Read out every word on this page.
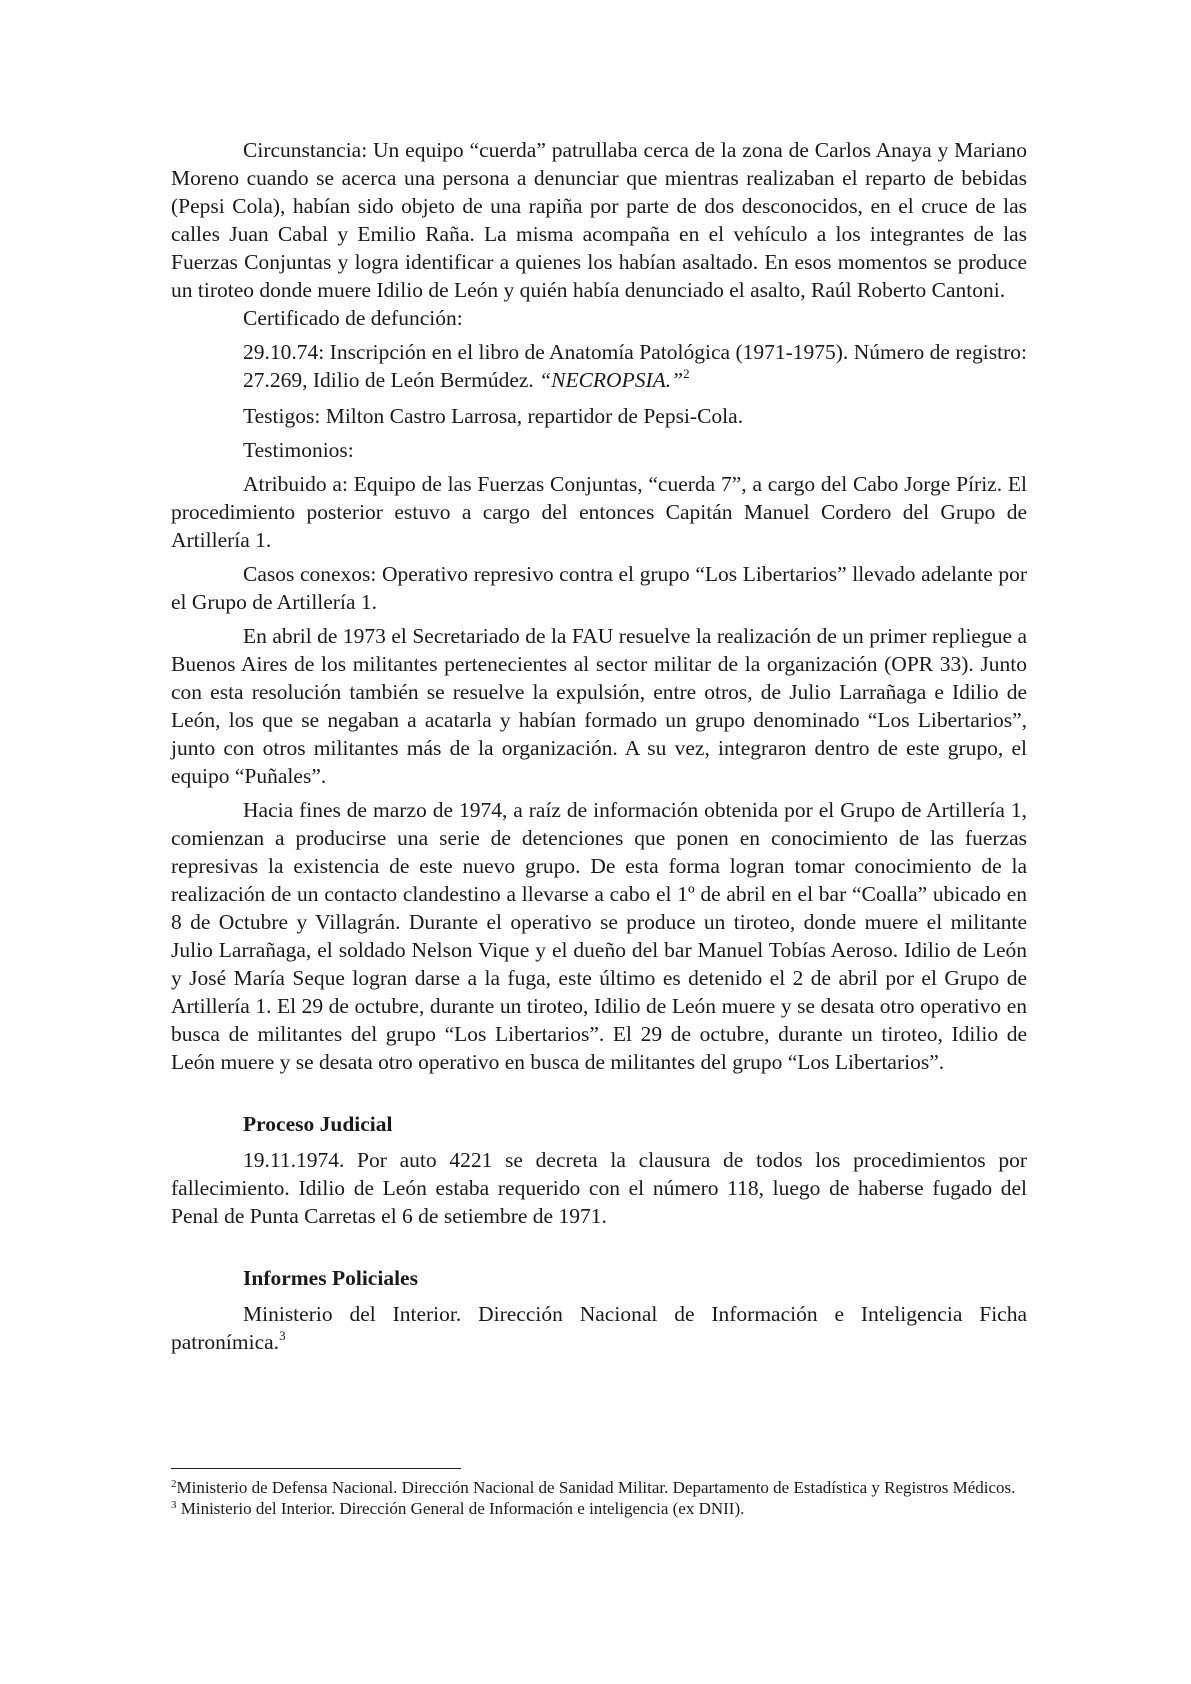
Circunstancia: Un equipo “cuerda” patrullaba cerca de la zona de Carlos Anaya y Mariano Moreno cuando se acerca una persona a denunciar que mientras realizaban el reparto de bebidas (Pepsi Cola), habían sido objeto de una rapiña por parte de dos desconocidos, en el cruce de las calles Juan Cabal y Emilio Raña. La misma acompaña en el vehículo a los integrantes de las Fuerzas Conjuntas y logra identificar a quienes los habían asaltado. En esos momentos se produce un tiroteo donde muere Idilio de León y quién había denunciado el asalto, Raúl Roberto Cantoni.

Certificado de defunción:

29.10.74: Inscripción en el libro de Anatomía Patológica (1971-1975). Número de registro: 27.269, Idilio de León Bermúdez. “NECROPSIA.”$^2$

Testigos: Milton Castro Larrosa, repartidor de Pepsi-Cola.

Testimonios:

Atribuido a: Equipo de las Fuerzas Conjuntas, “cuerda 7”, a cargo del Cabo Jorge Píriz. El procedimiento posterior estuvo a cargo del entonces Capitán Manuel Cordero del Grupo de Artillería 1.

Casos conexos: Operativo represivo contra el grupo “Los Libertarios” llevado adelante por el Grupo de Artillería 1.

En abril de 1973 el Secretariado de la FAU resuelve la realización de un primer repliegue a Buenos Aires de los militantes pertenecientes al sector militar de la organización (OPR 33). Junto con esta resolución también se resuelve la expulsión, entre otros, de Julio Larrañaga e Idilio de León, los que se negaban a acatarla y habían formado un grupo denominado “Los Libertarios”, junto con otros militantes más de la organización. A su vez, integraron dentro de este grupo, el equipo “Puñales”.

Hacia fines de marzo de 1974, a raíz de información obtenida por el Grupo de Artillería 1, comienzan a producirse una serie de detenciones que ponen en conocimiento de las fuerzas represivas la existencia de este nuevo grupo. De esta forma logran tomar conocimiento de la realización de un contacto clandestino a llevarse a cabo el 1º de abril en el bar “Coalla” ubicado en 8 de Octubre y Villagrán. Durante el operativo se produce un tiroteo, donde muere el militante Julio Larrañaga, el soldado Nelson Vique y el dueño del bar Manuel Tobías Aeroso. Idilio de León y José María Seque logran darse a la fuga, este último es detenido el 2 de abril por el Grupo de Artillería 1. El 29 de octubre, durante un tiroteo, Idilio de León muere y se desata otro operativo en busca de militantes del grupo “Los Libertarios”. El 29 de octubre, durante un tiroteo, Idilio de León muere y se desata otro operativo en busca de militantes del grupo “Los Libertarios”.

Proceso Judicial

19.11.1974. Por auto 4221 se decreta la clausura de todos los procedimientos por fallecimiento. Idilio de León estaba requerido con el número 118, luego de haberse fugado del Penal de Punta Carretas el 6 de setiembre de 1971.

Informes Policiales

Ministerio del Interior. Dirección Nacional de Información e Inteligencia Ficha patronímica.$^3$

$^2$Ministerio de Defensa Nacional. Dirección Nacional de Sanidad Militar. Departamento de Estadística y Registros Médicos.

$^3$ Ministerio del Interior. Dirección General de Información e inteligencia (ex DNII).
